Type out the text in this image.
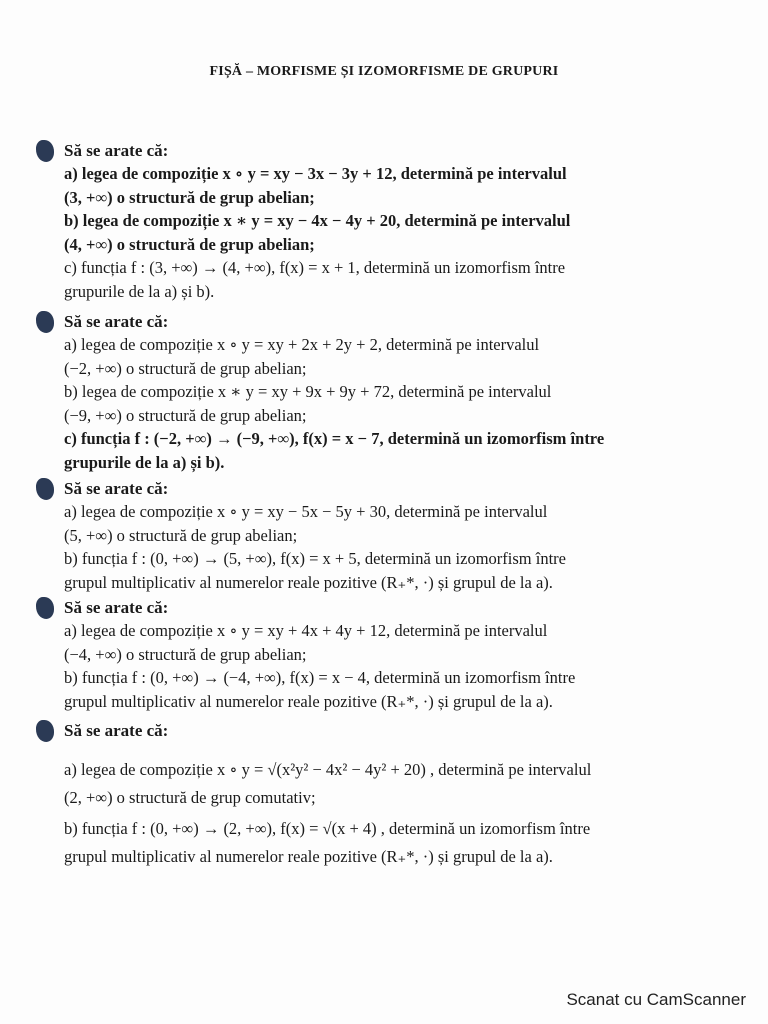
FIȘĂ – MORFISME ȘI IZOMORFISME DE GRUPURI
1
Să se arate că:
a) legea de compoziție x ∘ y = xy − 3x − 3y + 12, determină pe intervalul
(3, +∞) o structură de grup abelian;
b) legea de compoziție x ∗ y = xy − 4x − 4y + 20, determină pe intervalul
(4, +∞) o structură de grup abelian;
c) funcția f : (3, +∞) → (4, +∞), f(x) = x + 1, determină un izomorfism între
grupurile de la a) și b).
2
Să se arate că:
a) legea de compoziție x ∘ y = xy + 2x + 2y + 2, determină pe intervalul
(−2, +∞) o structură de grup abelian;
b) legea de compoziție x ∗ y = xy + 9x + 9y + 72, determină pe intervalul
(−9, +∞) o structură de grup abelian;
c) funcția f : (−2, +∞) → (−9, +∞), f(x) = x − 7, determină un izomorfism între
grupurile de la a) și b).
3
Să se arate că:
a) legea de compoziție x ∘ y = xy − 5x − 5y + 30, determină pe intervalul
(5, +∞) o structură de grup abelian;
b) funcția f : (0, +∞) → (5, +∞), f(x) = x + 5, determină un izomorfism între
grupul multiplicativ al numerelor reale pozitive (R₊*, ·) și grupul de la a).
4
Să se arate că:
a) legea de compoziție x ∘ y = xy + 4x + 4y + 12, determină pe intervalul
(−4, +∞) o structură de grup abelian;
b) funcția f : (0, +∞) → (−4, +∞), f(x) = x − 4, determină un izomorfism între
grupul multiplicativ al numerelor reale pozitive (R₊*, ·) și grupul de la a).
5
Să se arate că:
a) legea de compoziție x ∘ y = √(x²y² − 4x² − 4y² + 20) , determină pe intervalul
(2, +∞) o structură de grup comutativ;
b) funcția f : (0, +∞) → (2, +∞), f(x) = √(x + 4) , determină un izomorfism între
grupul multiplicativ al numerelor reale pozitive (R₊*, ·) și grupul de la a).
Scanat cu CamScanner
